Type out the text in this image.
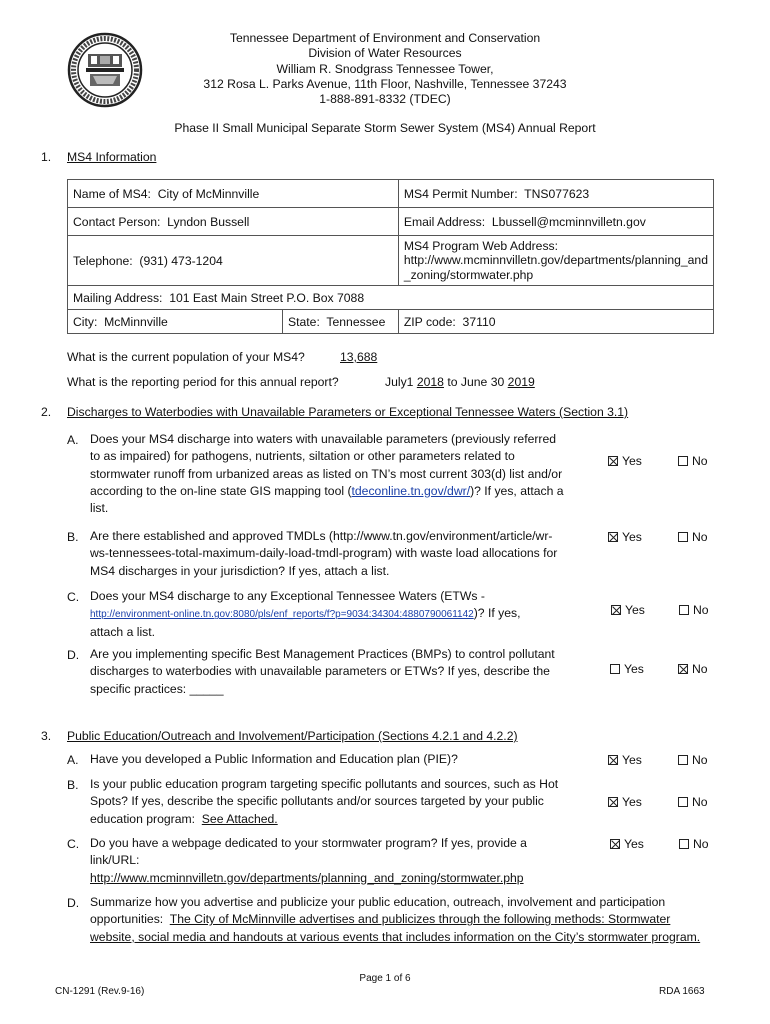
Tennessee Department of Environment and Conservation
Division of Water Resources
William R. Snodgrass Tennessee Tower,
312 Rosa L. Parks Avenue, 11th Floor, Nashville, Tennessee 37243
1-888-891-8332 (TDEC)
Phase II Small Municipal Separate Storm Sewer System (MS4) Annual Report
1. MS4 Information
Name of MS4: City of McMinnville		MS4 Permit Number: TNS077623
Contact Person: Lyndon Bussell		Email Address: Lbussell@mcminnvilletn.gov
Telephone: (931) 473-1204		MS4 Program Web Address:
http://www.mcminnvilletn.gov/departments/planning_and
_zoning/stormwater.php

Mailing Address: 101 East Main Street P.O. Box 7088		
City: McMinnville	State: Tennessee	ZIP code: 37110
What is the current population of your MS4?	13,688
What is the reporting period for this annual report?	July1 2018 to June 30 2019
2. Discharges to Waterbodies with Unavailable Parameters or Exceptional Tennessee Waters (Section 3.1)
A. Does your MS4 discharge into waters with unavailable parameters (previously referred
to as impaired) for pathogens, nutrients, siltation or other parameters related to
stormwater runoff from urbanized areas as listed on TN’s most current 303(d) list and/or
according to the on-line state GIS mapping tool (tdeconline.tn.gov/dwr/)? If yes, attach a
list.
Yes	No
B. Are there established and approved TMDLs (http://www.tn.gov/environment/article/wr-
ws-tennessees-total-maximum-daily-load-tmdl-program) with waste load allocations for
MS4 discharges in your jurisdiction? If yes, attach a list.
Yes	No
C. Does your MS4 discharge to any Exceptional Tennessee Waters (ETWs -
http://environment-online.tn.gov:8080/pls/enf_reports/f?p=9034:34304:4880790061142)? If yes,
attach a list.
Yes	No
D. Are you implementing specific Best Management Practices (BMPs) to control pollutant
discharges to waterbodies with unavailable parameters or ETWs? If yes, describe the
specific practices: _____
Yes	No
3. Public Education/Outreach and Involvement/Participation (Sections 4.2.1 and 4.2.2)
A. Have you developed a Public Information and Education plan (PIE)?	Yes	No
B. Is your public education program targeting specific pollutants and sources, such as Hot
Spots? If yes, describe the specific pollutants and/or sources targeted by your public
education program: See Attached.
Yes	No
C. Do you have a webpage dedicated to your stormwater program? If yes, provide a
link/URL:
http://www.mcminnvilletn.gov/departments/planning_and_zoning/stormwater.php
Yes	No
D. Summarize how you advertise and publicize your public education, outreach, involvement and participation
opportunities: The City of McMinnville advertises and publicizes through the following methods: Stormwater
website, social media and handouts at various events that includes information on the City’s stormwater program.
Page 1 of 6
CN-1291 (Rev.9-16)	RDA 1663
